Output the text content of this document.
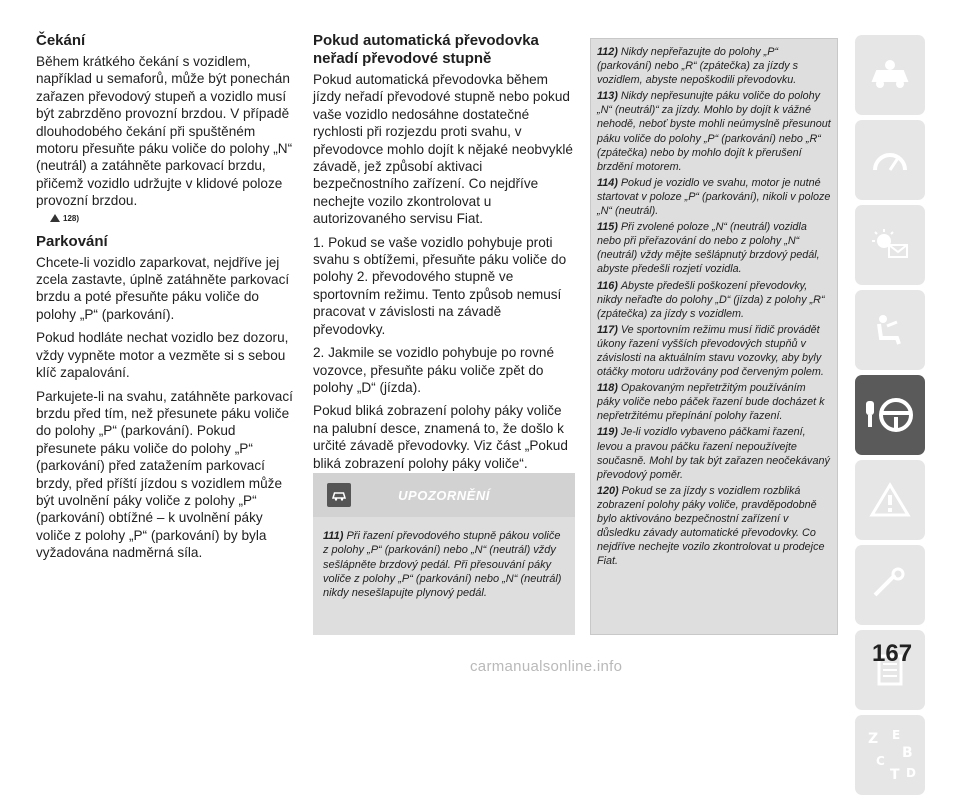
Čekání

Během krátkého čekání s vozidlem, například u semaforů, může být ponechán zařazen převodový stupeň a vozidlo musí být zabrzděno provozní brzdou. V případě dlouhodobého čekání při spuštěném motoru přesuňte páku voliče do polohy „N“ (neutrál) a zatáhněte parkovací brzdu, přičemž vozidlo udržujte v klidové poloze provozní brzdou.

128)
Parkování

Chcete-li vozidlo zaparkovat, nejdříve jej zcela zastavte, úplně zatáhněte parkovací brzdu a poté přesuňte páku voliče do polohy „P“ (parkování).

Pokud hodláte nechat vozidlo bez dozoru, vždy vypněte motor a vezměte si s sebou klíč zapalování.

Parkujete-li na svahu, zatáhněte parkovací brzdu před tím, než přesunete páku voliče do polohy „P“ (parkování). Pokud přesunete páku voliče do polohy „P“ (parkování) před zatažením parkovací brzdy, před příští jízdou s vozidlem může být uvolnění páky voliče z polohy „P“ (parkování) obtížné – k uvolnění páky voliče z polohy „P“ (parkování) by byla vyžadována nadměrná síla.

Pokud automatická převodovka neřadí převodové stupně

Pokud automatická převodovka během jízdy neřadí převodové stupně nebo pokud vaše vozidlo nedosáhne dostatečné rychlosti při rozjezdu proti svahu, v převodovce mohlo dojít k nějaké neobvyklé závadě, jež způsobí aktivaci bezpečnostního zařízení. Co nejdříve nechejte vozilo zkontrolovat u autorizovaného servisu Fiat.

1. Pokud se vaše vozidlo pohybuje proti svahu s obtížemi, přesuňte páku voliče do polohy 2. převodového stupně ve sportovním režimu. Tento způsob nemusí pracovat v závislosti na závadě převodovky.

2. Jakmile se vozidlo pohybuje po rovné vozovce, přesuňte páku voliče zpět do polohy „D“ (jízda).

Pokud bliká zobrazení polohy páky voliče na palubní desce, znamená to, že došlo k určité závadě převodovky. Viz část „Pokud bliká zobrazení polohy páky voliče“.

UPOZORNĚNÍ
111) Při řazení převodového stupně pákou voliče z polohy „P“ (parkování) nebo „N“ (neutrál) vždy sešlápněte brzdový pedál. Při přesouvání páky voliče z polohy „P“ (parkování) nebo „N“ (neutrál) nikdy nesešlapujte plynový pedál.
112) Nikdy nepřeřazujte do polohy „P“ (parkování) nebo „R“ (zpátečka) za jízdy s vozidlem, abyste nepoškodili převodovku.
113) Nikdy nepřesunujte páku voliče do polohy „N“ (neutrál)“ za jízdy. Mohlo by dojít k vážné nehodě, neboť byste mohli neúmyslně přesunout páku voliče do polohy „P“ (parkování) nebo „R“ (zpátečka) nebo by mohlo dojít k přerušení brzdění motorem.
114) Pokud je vozidlo ve svahu, motor je nutné startovat v poloze „P“ (parkování), nikoli v poloze „N“ (neutrál).
115) Při zvolené poloze „N“ (neutrál) vozidla nebo při přeřazování do nebo z polohy „N“ (neutrál) vždy mějte sešlápnutý brzdový pedál, abyste předešli rozjetí vozidla.
116) Abyste předešli poškození převodovky, nikdy neřaďte do polohy „D“ (jízda) z polohy „R“ (zpátečka) za jízdy s vozidlem.
117) Ve sportovním režimu musí řidič provádět úkony řazení vyšších převodových stupňů v závislosti na aktuálním stavu vozovky, aby byly otáčky motoru udržovány pod červeným polem.
118) Opakovaným nepřetržitým používáním páky voliče nebo páček řazení bude docházet k nepřetržitému přepínání polohy řazení.
119) Je-li vozidlo vybaveno páčkami řazení, levou a pravou páčku řazení nepoužívejte současně. Mohl by tak být zařazen neočekávaný převodový poměr.
120) Pokud se za jízdy s vozidlem rozbliká zobrazení polohy páky voliče, pravděpodobně bylo aktivováno bezpečnostní zařízení v důsledku závady automatické převodovky. Co nejdříve nechejte vozilo zkontrolovat u prodejce Fiat.
Z E
B
C
T D
167
carmanualsonline.info
